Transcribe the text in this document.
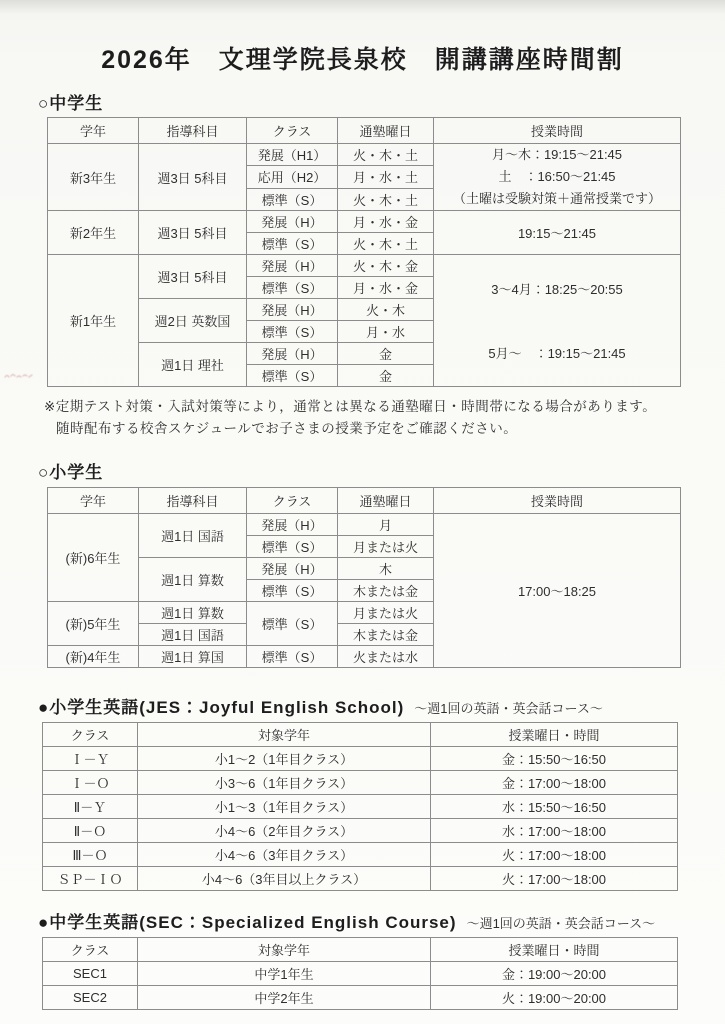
2026年　文理学院長泉校　開講講座時間割
○中学生
学年	指導科目	クラス	通塾曜日	授業時間
新3年生	週3日 5科目	発展（H1）	火・木・土	月～木：19:15～21:45
土　：16:50～21:45
（土曜は受験対策＋通常授業です）

		応用（H2）	月・水・土	
		標準（S）	火・木・土	
新2年生	週3日 5科目	発展（H）	月・水・金	19:15～21:45
		標準（S）	火・木・土	
新1年生	週3日 5科目	発展（H）	火・木・金	3～4月：18:25～20:55
5月～　：19:15～21:45

		標準（S）	月・水・金	
	週2日 英数国	発展（H）	火・木	
		標準（S）	月・水	
	週1日 理社	発展（H）	金	
		標準（S）	金	
※定期テスト対策・入試対策等により，通常とは異なる通塾曜日・時間帯になる場合があります。
随時配布する校舎スケジュールでお子さまの授業予定をご確認ください。
○小学生
学年	指導科目	クラス	通塾曜日	授業時間
(新)6年生	週1日 国語	発展（H）	月	17:00～18:25
		標準（S）	月または火	
	週1日 算数	発展（H）	木	
		標準（S）	木または金	
(新)5年生	週1日 算数	標準（S）	月または火	
	週1日 国語		木または金	
(新)4年生	週1日 算国	標準（S）	火または水	
●小学生英語(JES：Joyful English School) ～週1回の英語・英会話コース～
クラス	対象学年	授業曜日・時間
Ｉ－Ｙ	小1～2（1年目クラス）	金：15:50～16:50
Ｉ－Ｏ	小3～6（1年目クラス）	金：17:00～18:00
Ⅱ－Ｙ	小1～3（1年目クラス）	水：15:50～16:50
Ⅱ－Ｏ	小4～6（2年目クラス）	水：17:00～18:00
Ⅲ－Ｏ	小4～6（3年目クラス）	火：17:00～18:00
ＳＰ－ＩＯ	小4～6（3年目以上クラス）	火：17:00～18:00
●中学生英語(SEC：Specialized English Course) ～週1回の英語・英会話コース～
クラス	対象学年	授業曜日・時間
SEC1	中学1年生	金：19:00～20:00
SEC2	中学2年生	火：19:00～20:00
